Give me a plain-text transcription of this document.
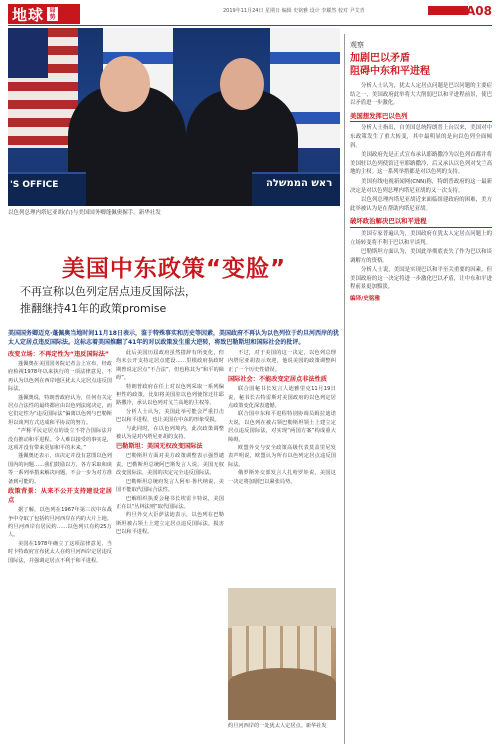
地球 局势
2019年11月24日 星期日 编辑 史铭雅 设计 李耀然 校对 尹艾青	A08
'S OFFICE	ראש הממשלה
以色列总理内塔尼亚胡(右)与美国国务卿蓬佩奥握手。新华社发
美国中东政策“变脸”
不再宣称以色列定居点违反国际法，
推翻继持41年的政策promise
美国国务卿迈克·蓬佩奥当地时间11月18日表示，鉴于特殊事实和历史等因素，美国政府不再认为以色列位于约旦河西岸的犹太人定居点违反国际法。这标志着美国推翻了41年的对以政策发生重大逆转，将致巴勒斯坦和国际社会的批评。
改变立场：不再定性为“违反国际法”

蓬佩奥在美国国务院记者会上宣布，经政府检视1978年以来执行的一项法律意见，不再认为以色列在西岸地区犹太人定居点违反国际法。

蓬佩奥说，特朗普政府认为，任何有关定居点合法性的最终都应由以色列法庭决定，而它们定性为“违反国际法”偏离以色列与巴勒斯坦以谈判方式达成和平协议的努力。

“声称平民定居点的设立不符合国际法并没有推动和平进程。令人难以接受的事实是，这项并没有带来更加和平的未来。”

蓬佩奥还表示，该决定并没有意图以色列国内的问题……我们鼓励以方，各方采取和谈等一系列举措来解决问题，不会一步为对方准备到可能的。

政策背景：从来不公开支持建设定居点

据了解，以色列在1967年第三次中东战争中夺取了包括约旦河西岸在内的大片土地。约旦河西岸有居民约……以色列只有约25万人。

美国在1978年确立了这项法律意见，当时卡特政府宣布犹太人在约旦河西岸定居违反国际法，并强调定居点不利于和平进程。

此后美国历届政府虽然措辞有所变化，但均未公开支持定居点建设……里根政府执政时期曾说定居点“不合法”，但也称其为“和平的障碍”。

特朗普政府在任上对以色列采取一系列偏袒性的政策，比如将美国驻以色列使馆迁往耶路撒冷，承认以色列对戈兰高地的主权等。

分析人士认为，美国此举可能会严重打击巴以和平进程，也让美国在中东的形象受损。

与此同时，在以色列境内，此次政策调整被认为是对内塔尼亚胡的支持。

巴勒斯坦：美国无权改变国际法

巴勒斯坦方面对美方政策调整表示强烈谴责。巴勒斯坦总统阿巴斯发言人说，美国无权改变国际法，美国的决定完全违反国际法。

巴勒斯坦总统府发言人阿布·鲁代纳说，美国不能取代国际合法性。

巴解组织执委会秘书长埃雷卡特说，美国正在以“丛林法则”取代国际法。

约旦外交大臣萨法迪表示，以色列在巴勒斯坦被占领土上建立定居点违反国际法，损害巴以和平进程。

不过，对于美国的这一决定，以色列总理内塔尼亚胡表示欢迎，他说美国的政策调整纠正了一个历史性错误。

国际社会：不能改变定居点非法性质

联合国秘书长发言人迪雅里克11月19日说，秘书长古特雷斯对美国政府的以色列定居点政策变化深表遗憾。

联合国中东和平进程特别协调员姆拉迪诺夫说，以色列在被占领巴勒斯坦领土上建立定居点违反国际法，对实现“两国方案”构成重大障碍。

欧盟外交与安全政策高级代表莫盖里尼发表声明说，欧盟认为所有以色列定居点违反国际法。

俄罗斯外交部发言人扎哈罗娃说，美国这一决定将加剧巴以紧张局势。

约旦河西岸的一处犹太人定居点。新华社发
观察
加剧巴以矛盾
阻碍中东和平进程

分析人士认为，犹太人定居点问题是巴以问题的主要症结之一，美国政府此举将大大削弱巴以和平进程前景，使巴以矛盾进一步激化。

美国想发挥巴以色列

分析人士指出，自美国总统特朗普上台以来，美国对中东政策发生了重大转变，其中最明显的是向以色列全面倾斜。

美国政府先是正式宣布承认耶路撒冷为以色列首都并将美国驻以色列使馆迁至耶路撒冷，后又承认以色列对戈兰高地的主权。这一系列举措都是对以色列的支持。

美国有线电视新闻网(CNN)称，特朗普政府的这一最新决定是对以色列总理内塔尼亚胡的又一次支持。

以色列总理内塔尼亚胡近来面临组建政府的困难，美方此举被认为是在帮助内塔尼亚胡。

破坏政治解决巴以和平进程

美国专家普遍认为，美国政府在犹太人定居点问题上的立场转变将不利于巴以和平谈判。

巴勒斯坦方面认为，美国此举彻底丧失了作为巴以和谈调解方的资格。

分析人士说，美国是实现巴以和平至关重要的因素，但美国政府的这一决定将进一步激化巴以矛盾，让中东和平进程前景更加黯淡。

编译/史铭雅
